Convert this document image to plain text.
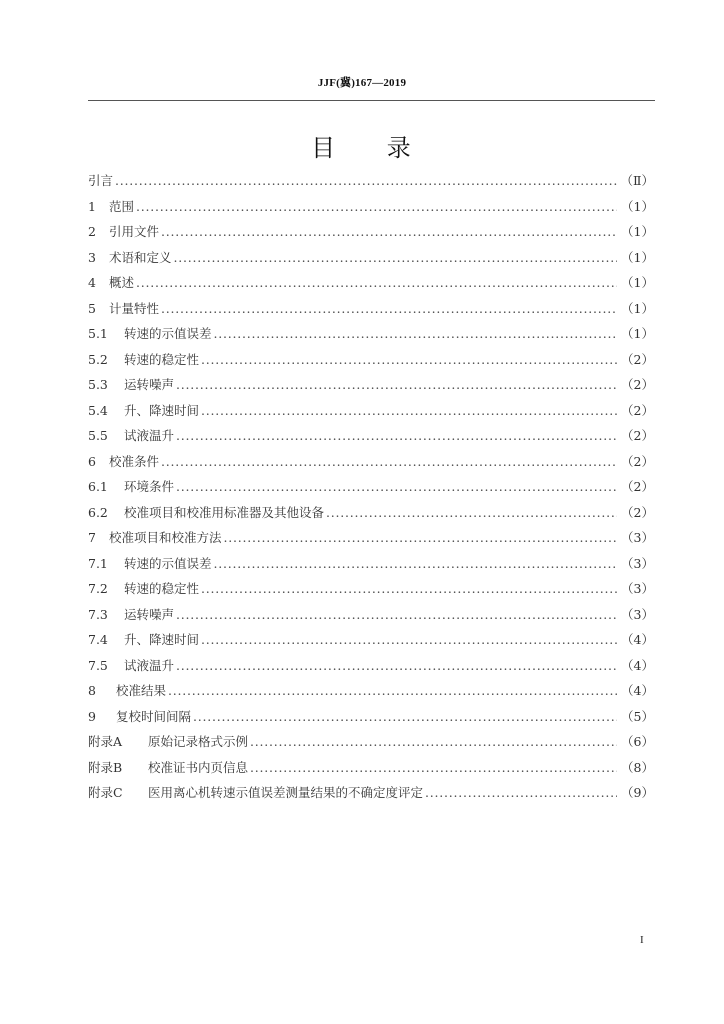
JJF(冀)167—2019
目 录
引言 . . .	（Ⅱ）
1	范围 . . .	（1）
2	引用文件 . . .	（1）
3	术语和定义 . . .	（1）
4	概述 . . .	（1）
5	计量特性 . . .	（1）
5.1	转速的示值误差 . . .	（1）
5.2	转速的稳定性 . . .	（2）
5.3	运转噪声 . . .	（2）
5.4	升、降速时间 . . .	（2）
5.5	试液温升 . . .	（2）
6	校准条件 . . .	（2）
6.1	环境条件 . . .	（2）
6.2	校准项目和校准用标准器及其他设备 . . .	（2）
7	校准项目和校准方法 . . .	（3）
7.1	转速的示值误差 . . .	（3）
7.2	转速的稳定性 . . .	（3）
7.3	运转噪声 . . .	（3）
7.4	升、降速时间 . . .	（4）
7.5	试液温升 . . .	（4）
8	校准结果 . . .	（4）
9	复校时间间隔 . . .	（5）
附录A	原始记录格式示例 . . .	（6）
附录B	校准证书内页信息 . . .	（8）
附录C	医用离心机转速示值误差测量结果的不确定度评定 . . .	（9）
I
